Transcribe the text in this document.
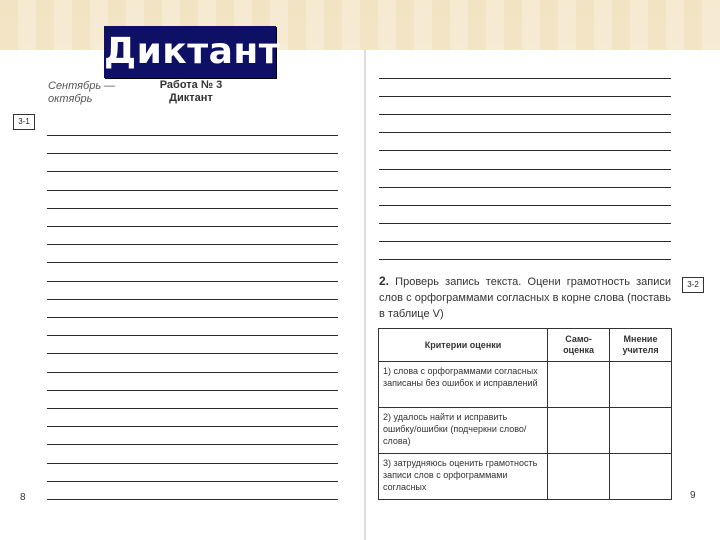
Диктант
Сентябрь —
октябрь
Работа № 3
Диктант
3-1
8
2. Проверь запись текста. Оцени грамотность записи слов с орфограммами согласных в корне слова (поставь в таблице V)
3-2
Критерии оценки	Само-оценка	Мнение учителя
1) слова с орфограммами согласных записаны без ошибок и исправлений		
2) удалось найти и исправить ошибку/ошибки (подчеркни слово/слова)		
3) затрудняюсь оценить грамотность записи слов с орфограммами согласных		
9
